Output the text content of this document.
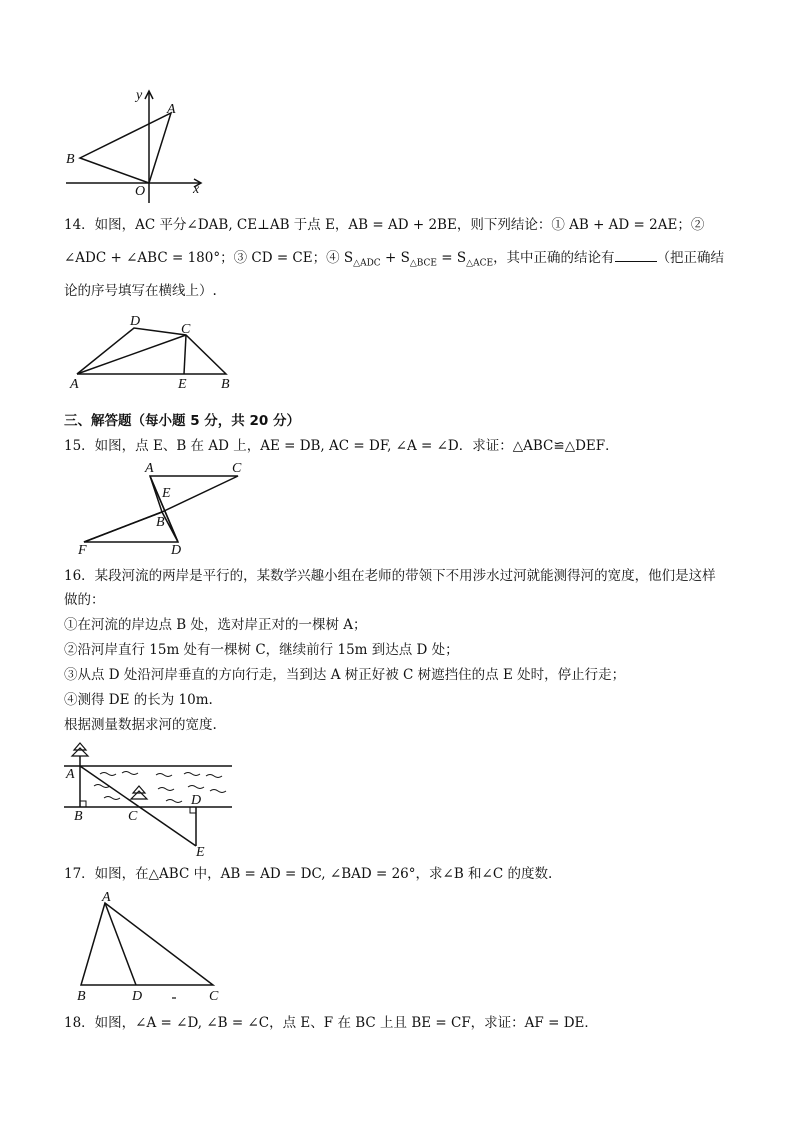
y
x
A
B
O
14．如图，AC 平分∠DAB, CE⊥AB 于点 E，AB = AD + 2BE，则下列结论：① AB + AD = 2AE；②
∠ADC + ∠ABC = 180°；③ CD = CE；④ $S_{\triangle ADC} + S_{\triangle BCE} = S_{\triangle ACE}$，其中正确的结论有	（把正确结
论的序号填写在横线上）.
D
C
A	E B
三、解答题（每小题 5 分，共 20 分）
15．如图，点 E、B 在 AD 上，AE = DB, AC = DF, ∠A = ∠D．求证：△ABC≌△DEF．
A	C
E
B
F	D
16．某段河流的两岸是平行的，某数学兴趣小组在老师的带领下不用涉水过河就能测得河的宽度，他们是这样
做的：
①在河流的岸边点 B 处，选对岸正对的一棵树 A；
②沿河岸直行 15m 处有一棵树 C，继续前行 15m 到达点 D 处；
③从点 D 处沿河岸垂直的方向行走，当到达 A 树正好被 C 树遮挡住的点 E 处时，停止行走；
④测得 DE 的长为 10m.
根据测量数据求河的宽度.
A
B	C
D
E
17．如图，在△ABC 中，AB = AD = DC, ∠BAD = 26°，求∠B 和∠C 的度数.
A
B	D	C
18．如图，∠A = ∠D, ∠B = ∠C，点 E、F 在 BC 上且 BE = CF，求证：AF = DE．
